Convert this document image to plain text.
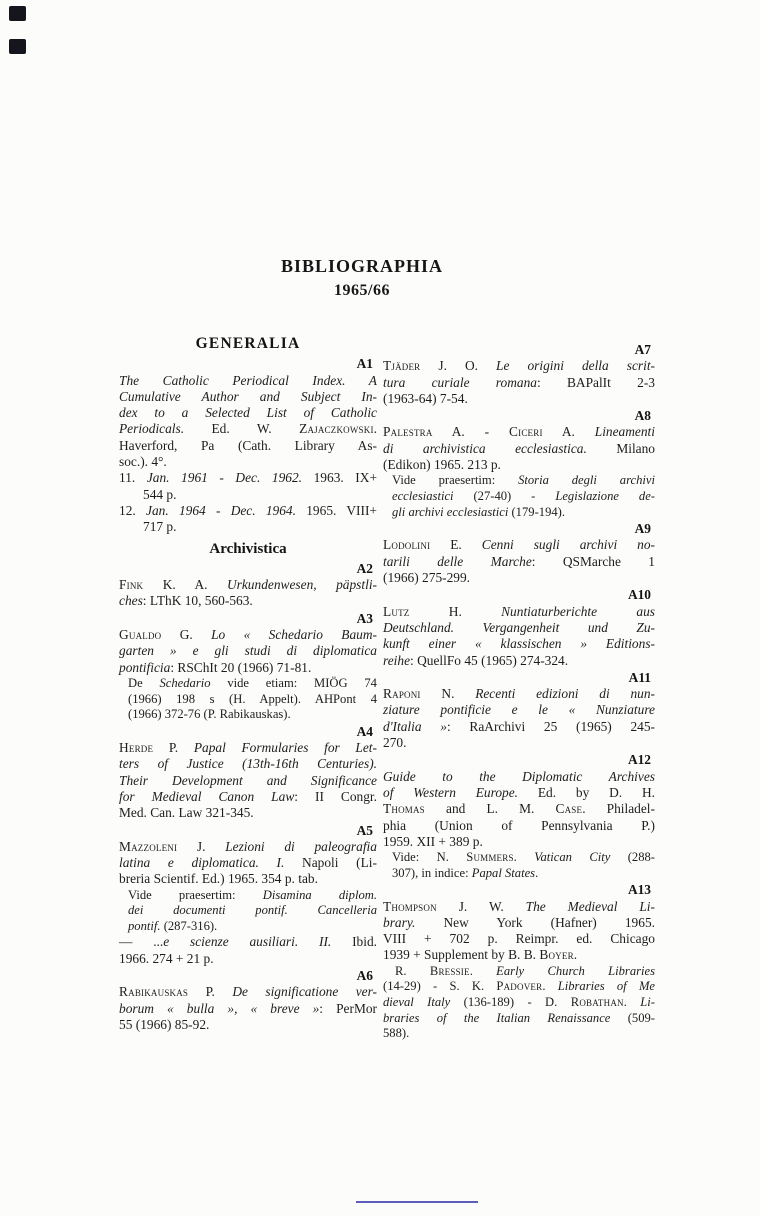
BIBLIOGRAPHIA
1965/66
GENERALIA
A1
The Catholic Periodical Index. A
Cumulative Author and Subject In-
dex to a Selected List of Catholic
Periodicals. Ed. W. Zajaczkowski.
Haverford, Pa (Cath. Library As-
soc.). 4°.
11. Jan. 1961 - Dec. 1962. 1963. IX+
544 p.
12. Jan. 1964 - Dec. 1964. 1965. VIII+
717 p.
Archivistica
A2
Fink K. A. Urkundenwesen, päpstli-
ches: LThK 10, 560-563.
A3
Gualdo G. Lo « Schedario Baum-
garten » e gli studi di diplomatica
pontificia: RSChIt 20 (1966) 71-81.
De Schedario vide etiam: MIÖG 74
(1966) 198 s (H. Appelt). AHPont 4
(1966) 372-76 (P. Rabikauskas).
A4
Herde P. Papal Formularies for Let-
ters of Justice (13th-16th Centuries).
Their Development and Significance
for Medieval Canon Law: II Congr.
Med. Can. Law 321-345.
A5
Mazzoleni J. Lezioni di paleografia
latina e diplomatica. I. Napoli (Li-
breria Scientif. Ed.) 1965. 354 p. tab.
Vide praesertim: Disamina diplom.
dei documenti pontif. Cancelleria
pontif. (287-316).
— ...e scienze ausiliari. II. Ibid.
1966. 274 + 21 p.
A6
Rabikauskas P. De significatione ver-
borum « bulla », « breve »: PerMor
55 (1966) 85-92.
A7
Tjäder J. O. Le origini della scrit-
tura curiale romana: BAPalIt 2-3
(1963-64) 7-54.
A8
Palestra A. - Ciceri A. Lineamenti
di archivistica ecclesiastica. Milano
(Edikon) 1965. 213 p.
Vide praesertim: Storia degli archivi
ecclesiastici (27-40) - Legislazione de-
gli archivi ecclesiastici (179-194).
A9
Lodolini E. Cenni sugli archivi no-
tarili delle Marche: QSMarche 1
(1966) 275-299.
A10
Lutz H. Nuntiaturberichte aus
Deutschland. Vergangenheit und Zu-
kunft einer « klassischen » Editions-
reihe: QuellFo 45 (1965) 274-324.
A11
Raponi N. Recenti edizioni di nun-
ziature pontificie e le « Nunziature
d'Italia »: RaArchivi 25 (1965) 245-
270.
A12
Guide to the Diplomatic Archives
of Western Europe. Ed. by D. H.
Thomas and L. M. Case. Philadel-
phia (Union of Pennsylvania P.)
1959. XII + 389 p.
Vide: N. Summers. Vatican City (288-
307), in indice: Papal States.
A13
Thompson J. W. The Medieval Li-
brary. New York (Hafner) 1965.
VIII + 702 p. Reimpr. ed. Chicago
1939 + Supplement by B. B. Boyer.
R. Bressie. Early Church Libraries
(14-29) - S. K. Padover. Libraries of Me
dieval Italy (136-189) - D. Robathan. Li-
braries of the Italian Renaissance (509-
588).
